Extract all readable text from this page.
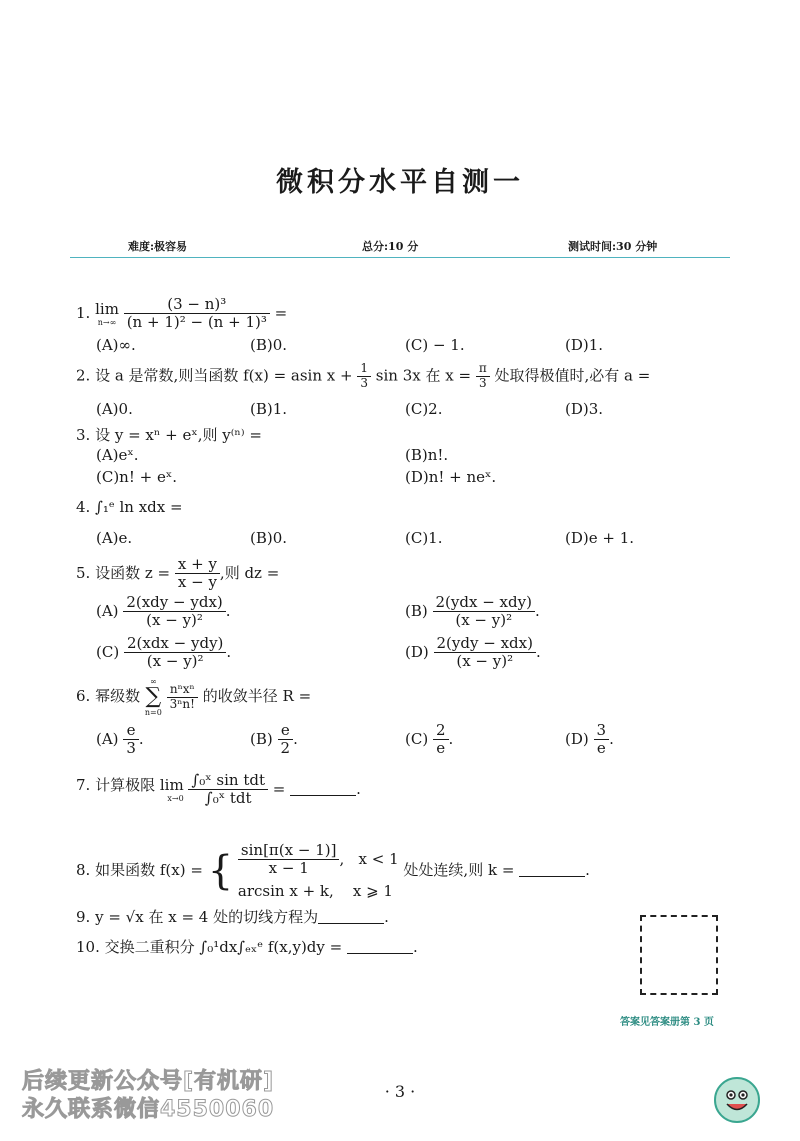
微积分水平自测一
难度:极容易	总分:10 分	测试时间:30 分钟
1. lim
n→∞
$\frac{\text{(3 − n)³}}{\text{(n + 1)² − (n + 1)³}}$ =
(A)∞.	(B)0.	(C) − 1.	(D)1.
2. 设 a 是常数,则当函数 f(x) = asin $x + \frac{1}{3}$ sin 3x 在 $x = \frac{\pi}{3}$ 处取得极值时,必有 a =
(A)0.	(B)1.	(C)2.	(D)3.
3. 设 y = xⁿ + eˣ,则 y⁽ⁿ⁾ =
(A)eˣ.	(B)n!.
(C)n! + eˣ.	(D)n! + neˣ.
4. ∫₁ᵉ ln xdx =
(A)e.	(B)0.	(C)1.	(D)e + 1.
5. 设函数 $z = \frac{x + y}{x - y}$ ,则 dz =
$(A) \frac{\text{2(xdy − ydx)}}{\text{(x − y)²}}$ .	$(B) \frac{\text{2(ydx − xdy)}}{\text{(x − y)²}}$ .
$(C) \frac{\text{2(xdx − ydy)}}{\text{(x − y)²}}$ .	$(D) \frac{\text{2(ydy − xdx)}}{\text{(x − y)²}}$ .
6. 幂级数
∞
∑
n=0

$\frac{\text{nⁿxⁿ}}{\text{3ⁿn!}}$ 的收敛半径 R =
$(A) \frac{e}{3}$ .	$(B) \frac{e}{2}$ .	$(C) \frac{2}{e}$ .	$(D) \frac{3}{e}$ .
7. 计算极限 lim
x→0
$\frac{\text{∫₀ˣ sin tdt}}{\text{∫₀ˣ tdt}}$ =	.
8. 如果函数 f(x) = { $\frac{\sin[\pi(x - 1)]}{x - 1}$ ,   x < 1
arcsin x + k, x ⩾ 1
处处连续,则 k =	.
9. y = √x 在 x = 4 处的切线方程为	.
10. 交换二重积分 ∫₀¹dx∫ₑₓᵉ f(x,y)dy =	.
答案见答案册第 3 页
· 3 ·
后续更新公众号[有机研]
永久联系微信4550060
